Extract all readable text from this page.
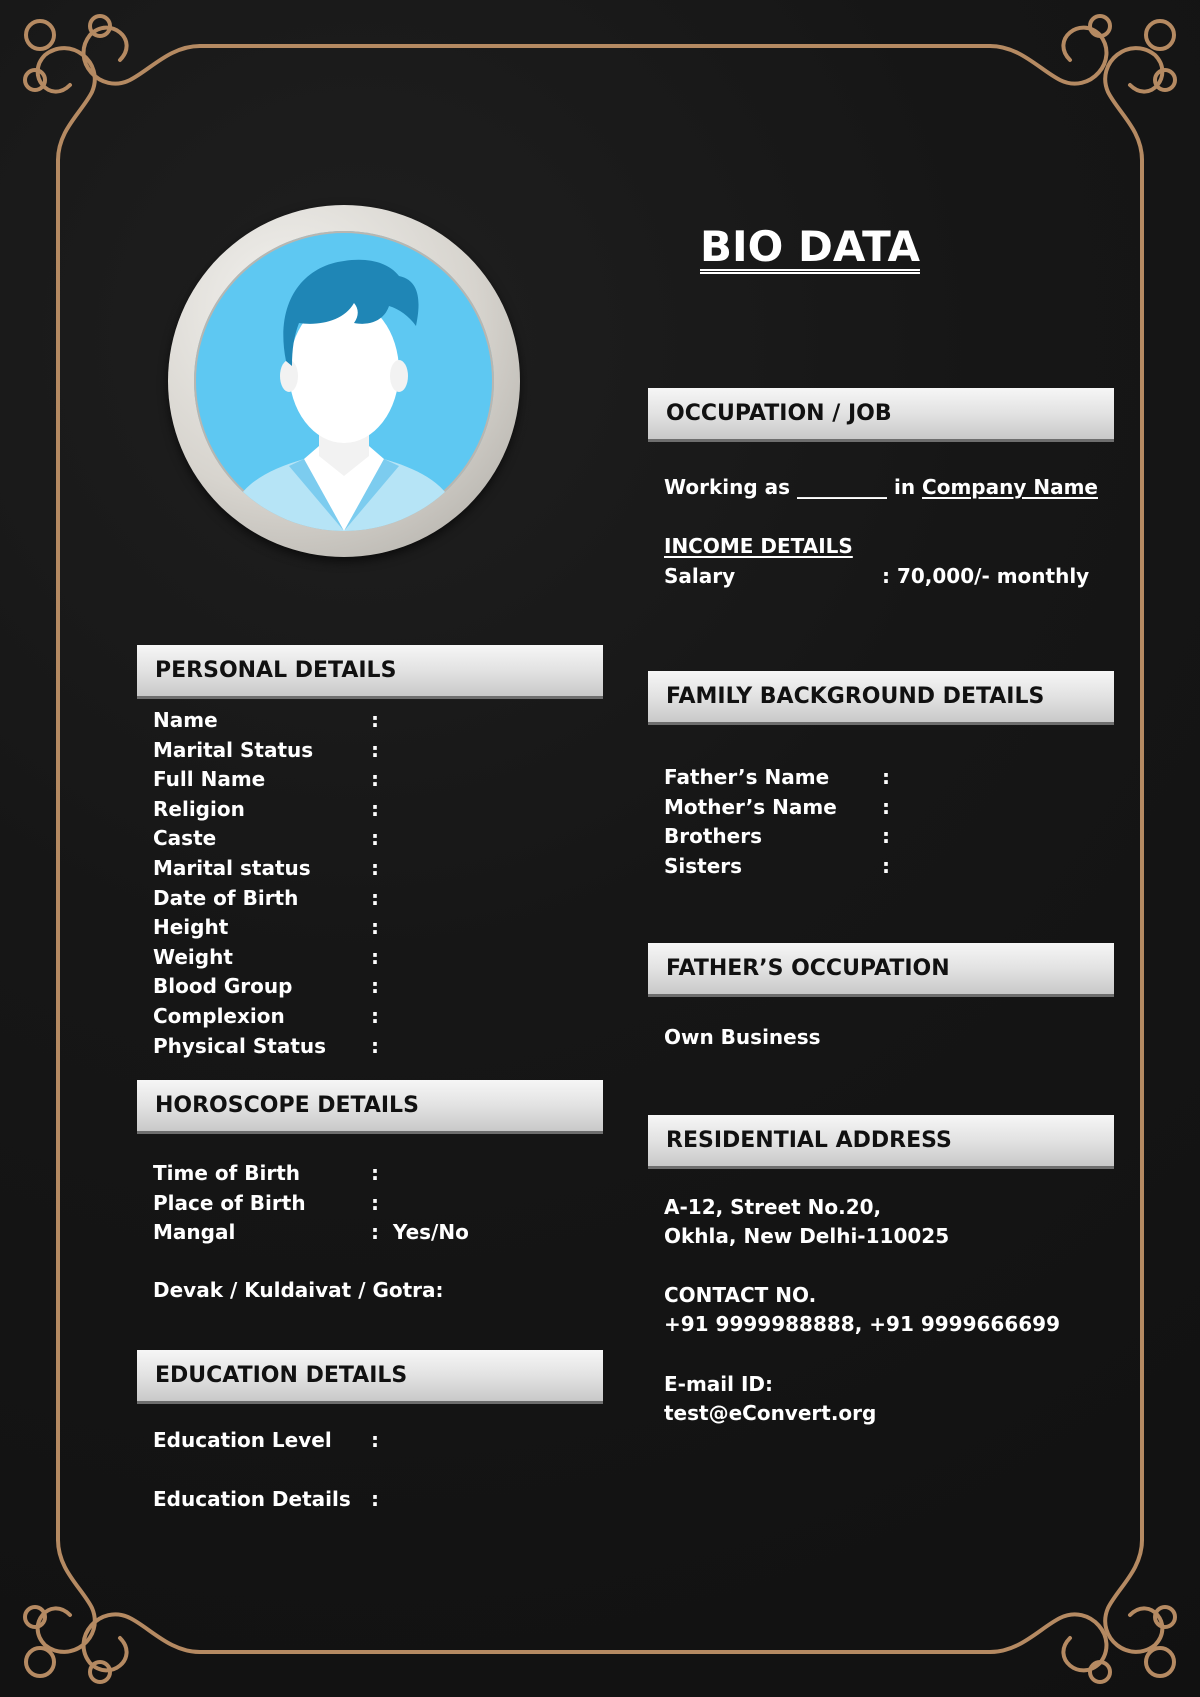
BIO DATA
PERSONAL DETAILS
Name	:
Marital Status	:
Full Name	:
Religion	:
Caste	:
Marital status	:
Date of Birth	:
Height	:
Weight	:
Blood Group	:
Complexion	:
Physical Status :
HOROSCOPE DETAILS
Time of Birth	:
Place of Birth	:
Mangal	:  Yes/No
Devak / Kuldaivat / Gotra:
EDUCATION DETAILS
Education Level :
Education Details :
OCCUPATION / JOB
Working as _________ in Company Name
INCOME DETAILS
Salary	: 70,000/- monthly
FAMILY BACKGROUND DETAILS
Father’s Name	:
Mother’s Name :
Brothers	:
Sisters	:
FATHER’S OCCUPATION
Own Business
RESIDENTIAL ADDRESS
A-12, Street No.20,
Okhla, New Delhi-110025
CONTACT NO.
+91 9999988888, +91 9999666699
E-mail ID:
test@eConvert.org
